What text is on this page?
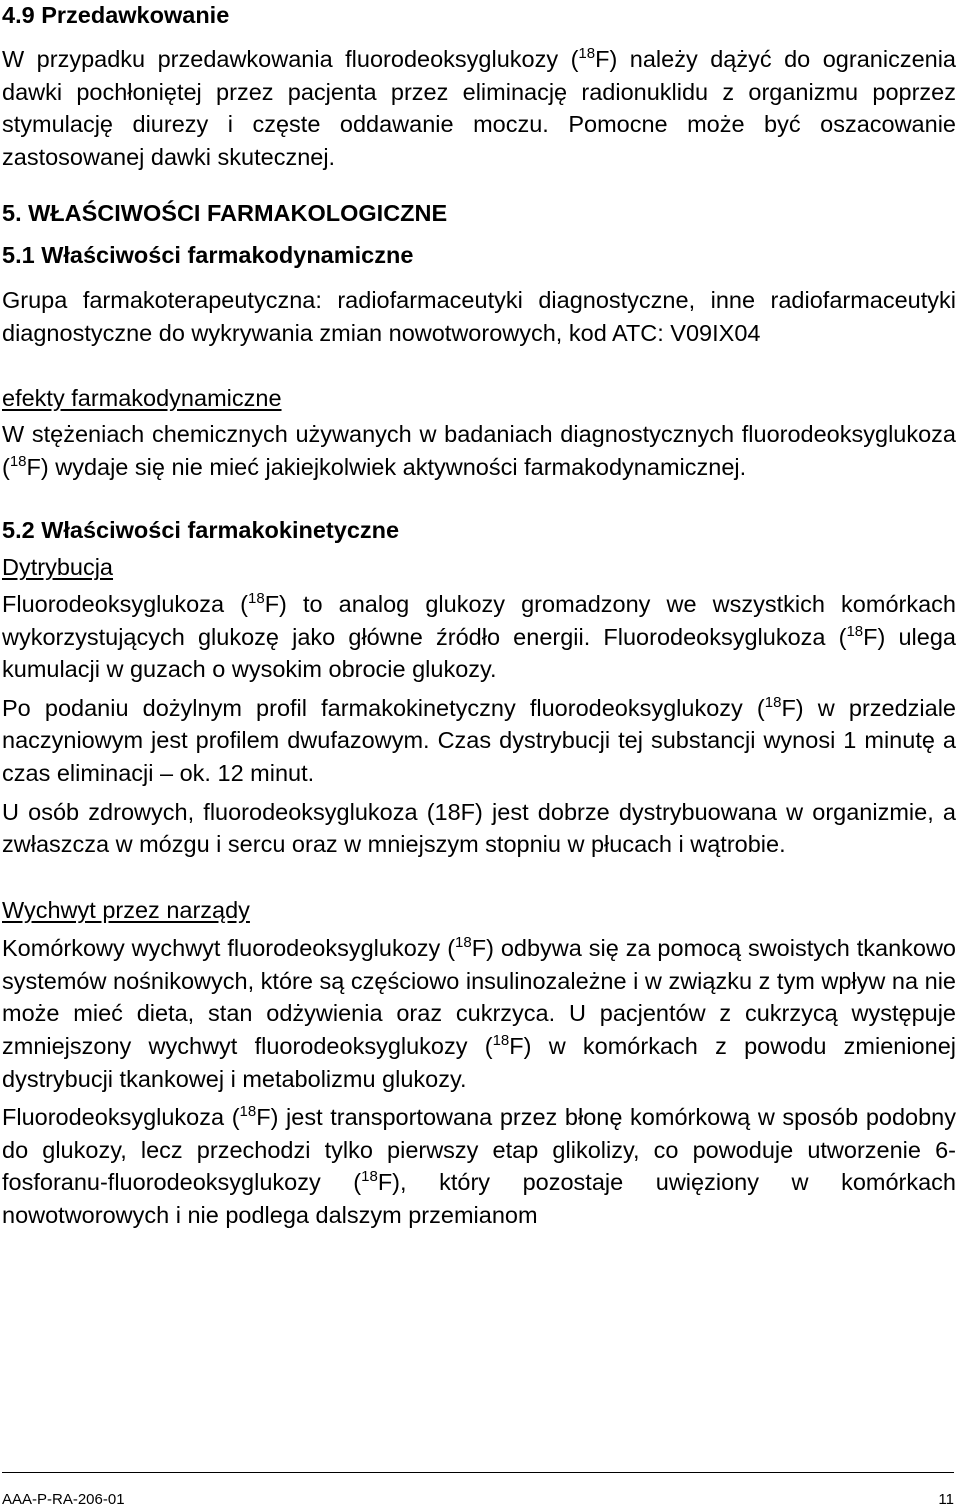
4.9 Przedawkowanie

W przypadku przedawkowania fluorodeoksyglukozy ($^{18}$F) należy dążyć do ograniczenia dawki pochłoniętej przez pacjenta przez eliminację radionuklidu z organizmu poprzez stymulację diurezy i częste oddawanie moczu. Pomocne może być oszacowanie zastosowanej dawki skutecznej.

5. WŁAŚCIWOŚCI FARMAKOLOGICZNE
5.1 Właściwości farmakodynamiczne

Grupa farmakoterapeutyczna: radiofarmaceutyki diagnostyczne, inne radiofarmaceutyki diagnostyczne do wykrywania zmian nowotworowych, kod ATC: V09IX04

efekty farmakodynamiczne

W stężeniach chemicznych używanych w badaniach diagnostycznych fluorodeoksyglukoza ($^{18}$F) wydaje się nie mieć jakiejkolwiek aktywności farmakodynamicznej.

5.2 Właściwości farmakokinetyczne

Dytrybucja

Fluorodeoksyglukoza ($^{18}$F) to analog glukozy gromadzony we wszystkich komórkach wykorzystujących glukozę jako główne źródło energii. Fluorodeoksyglukoza ($^{18}$F) ulega kumulacji w guzach o wysokim obrocie glukozy.

Po podaniu dożylnym profil farmakokinetyczny fluorodeoksyglukozy ($^{18}$F) w przedziale naczyniowym jest profilem dwufazowym. Czas dystrybucji tej substancji wynosi 1 minutę a czas eliminacji – ok. 12 minut.

U osób zdrowych, fluorodeoksyglukoza (18F) jest dobrze dystrybuowana w organizmie, a zwłaszcza w mózgu i sercu oraz w mniejszym stopniu w płucach i wątrobie.

Wychwyt przez narządy

Komórkowy wychwyt fluorodeoksyglukozy ($^{18}$F) odbywa się za pomocą swoistych tkankowo systemów nośnikowych, które są częściowo insulinozależne i w związku z tym wpływ na nie może mieć dieta, stan odżywienia oraz cukrzyca. U pacjentów z cukrzycą występuje zmniejszony wychwyt fluorodeoksyglukozy ($^{18}$F) w komórkach z powodu zmienionej dystrybucji tkankowej i metabolizmu glukozy.

Fluorodeoksyglukoza ($^{18}$F) jest transportowana przez błonę komórkową w sposób podobny do glukozy, lecz przechodzi tylko pierwszy etap glikolizy, co powoduje utworzenie 6-fosforanu-fluorodeoksyglukozy ($^{18}$F), który pozostaje uwięziony w komórkach nowotworowych i nie podlega dalszym przemianom

AAA-P-RA-206-01	11
